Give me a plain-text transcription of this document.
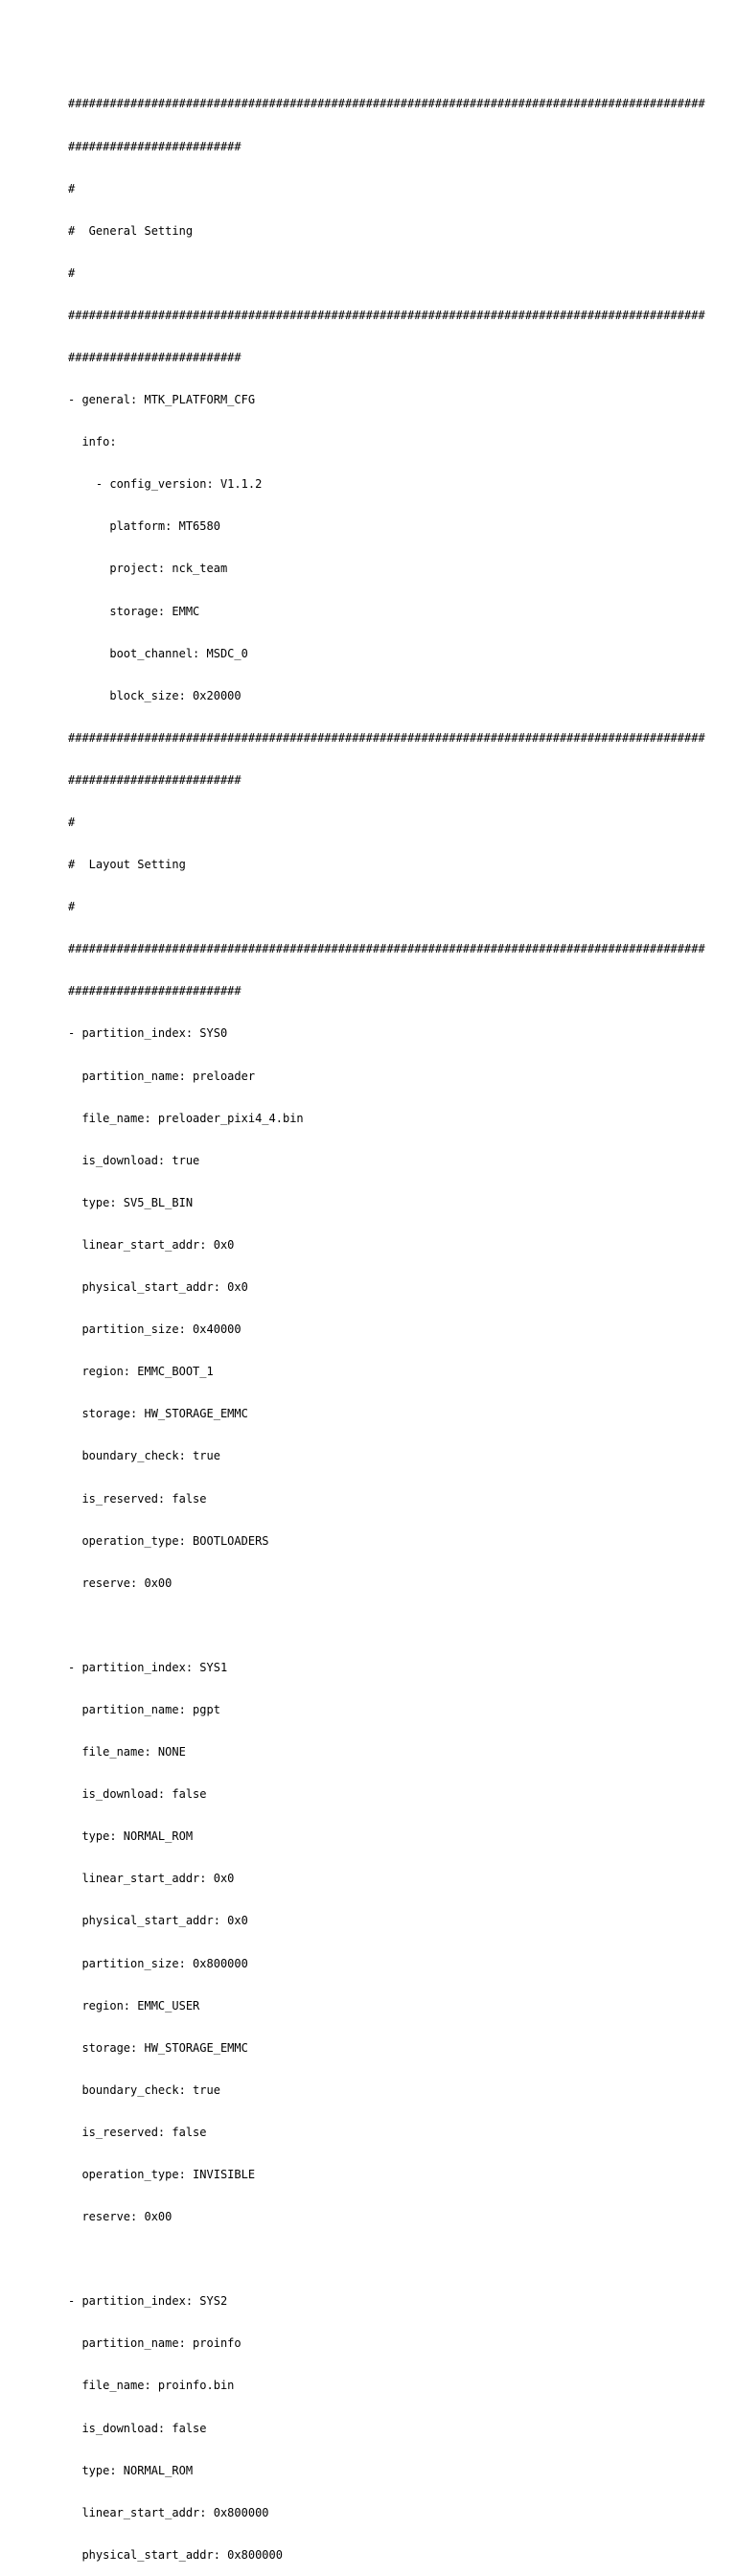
############################################################################################

#########################

#

#  General Setting

#

############################################################################################

#########################

- general: MTK_PLATFORM_CFG

info:

- config_version: V1.1.2

platform: MT6580

project: nck_team

storage: EMMC

boot_channel: MSDC_0

block_size: 0x20000

############################################################################################

#########################

#

#  Layout Setting

#

############################################################################################

#########################

- partition_index: SYS0

partition_name: preloader

file_name: preloader_pixi4_4.bin

is_download: true

type: SV5_BL_BIN

linear_start_addr: 0x0

physical_start_addr: 0x0

partition_size: 0x40000

region: EMMC_BOOT_1

storage: HW_STORAGE_EMMC

boundary_check: true

is_reserved: false

operation_type: BOOTLOADERS

reserve: 0x00

- partition_index: SYS1

partition_name: pgpt

file_name: NONE

is_download: false

type: NORMAL_ROM

linear_start_addr: 0x0

physical_start_addr: 0x0

partition_size: 0x800000

region: EMMC_USER

storage: HW_STORAGE_EMMC

boundary_check: true

is_reserved: false

operation_type: INVISIBLE

reserve: 0x00

- partition_index: SYS2

partition_name: proinfo

file_name: proinfo.bin

is_download: false

type: NORMAL_ROM

linear_start_addr: 0x800000

physical_start_addr: 0x800000
